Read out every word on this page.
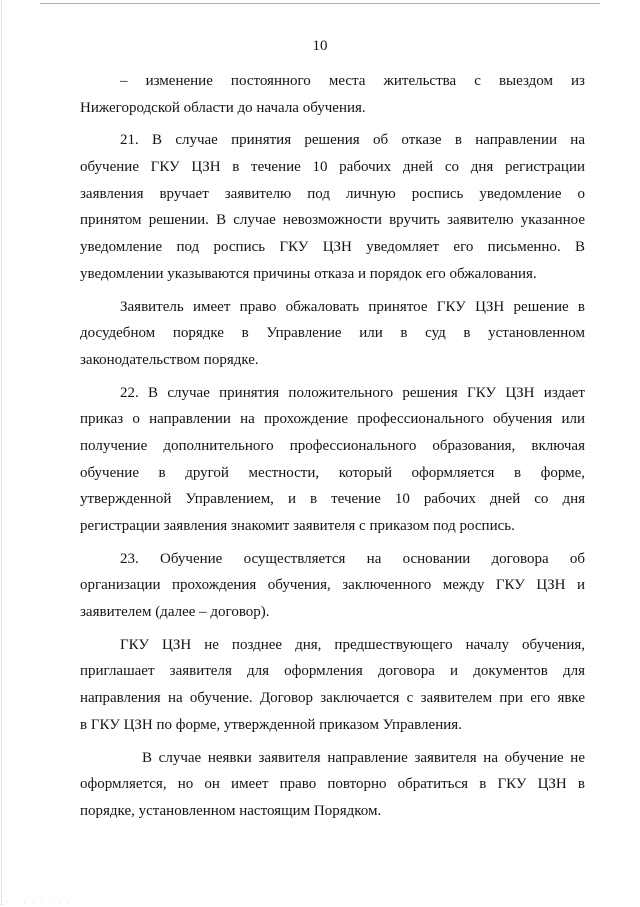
10
– изменение постоянного места жительства с выездом из
Нижегородской области до начала обучения.
21. В случае принятия решения об отказе в направлении на
обучение ГКУ ЦЗН в течение 10 рабочих дней со дня регистрации
заявления вручает заявителю под личную роспись уведомление о
принятом решении. В случае невозможности вручить заявителю указанное
уведомление под роспись ГКУ ЦЗН уведомляет его письменно. В
уведомлении указываются причины отказа и порядок его обжалования.
Заявитель имеет право обжаловать принятое ГКУ ЦЗН решение в
досудебном порядке в Управление или в суд в установленном
законодательством порядке.
22. В случае принятия положительного решения ГКУ ЦЗН издает
приказ о направлении на прохождение профессионального обучения или
получение дополнительного профессионального образования, включая
обучение в другой местности, который оформляется в форме,
утвержденной Управлением, и в течение 10 рабочих дней со дня
регистрации заявления знакомит заявителя с приказом под роспись.
23. Обучение осуществляется на основании договора об
организации прохождения обучения, заключенного между ГКУ ЦЗН и
заявителем (далее – договор).
ГКУ ЦЗН не позднее дня, предшествующего началу обучения,
приглашает заявителя для оформления договора и документов для
направления на обучение. Договор заключается с заявителем при его явке
в ГКУ ЦЗН по форме, утвержденной приказом Управления.
В случае неявки заявителя направление заявителя на обучение не
оформляется, но он имеет право повторно обратиться в ГКУ ЦЗН в
порядке, установленном настоящим Порядком.
· · · · · · · ·
